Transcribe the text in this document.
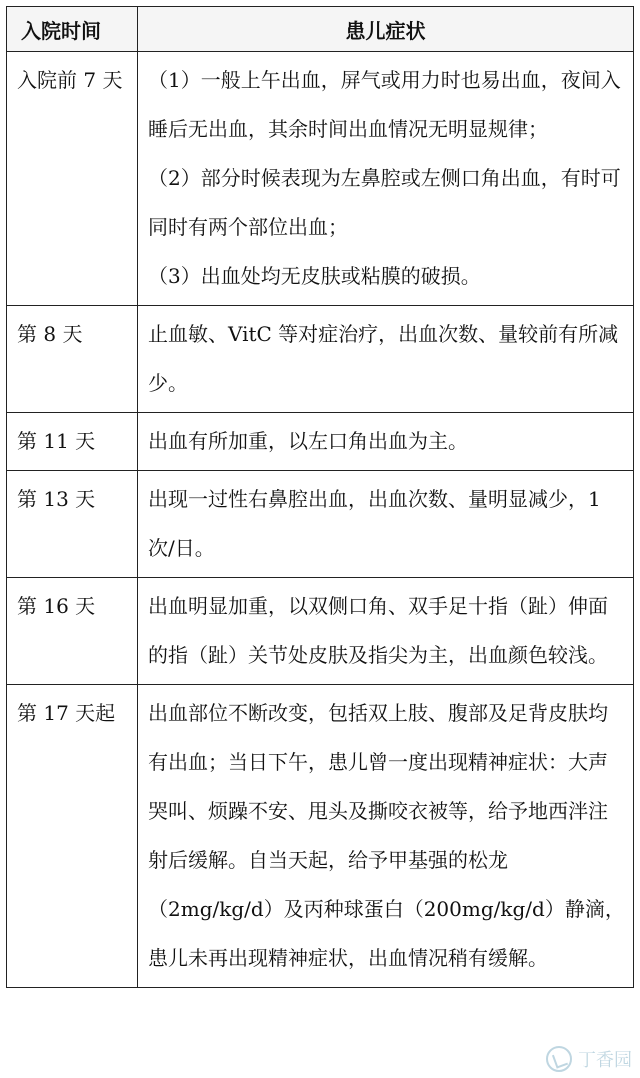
入院时间	患儿症状
入院前 7 天	（1）一般上午出血，屏气或用力时也易出血，夜间入睡后无出血，其余时间出血情况无明显规律；

（2）部分时候表现为左鼻腔或左侧口角出血，有时可同时有两个部位出血；

（3）出血处均无皮肤或粘膜的破损。

第 8 天	止血敏、VitC 等对症治疗，出血次数、量较前有所减少。

第 11 天	出血有所加重，以左口角出血为主。

第 13 天	出现一过性右鼻腔出血，出血次数、量明显减少，1 次/日。

第 16 天	出血明显加重，以双侧口角、双手足十指（趾）伸面的指（趾）关节处皮肤及指尖为主，出血颜色较浅。

第 17 天起	出血部位不断改变，包括双上肢、腹部及足背皮肤均有出血；当日下午，患儿曾一度出现精神症状：大声哭叫、烦躁不安、甩头及撕咬衣被等，给予地西泮注射后缓解。自当天起，给予甲基强的松龙（2mg/kg/d）及丙种球蛋白（200mg/kg/d）静滴，患儿未再出现精神症状，出血情况稍有缓解。

丁香园
